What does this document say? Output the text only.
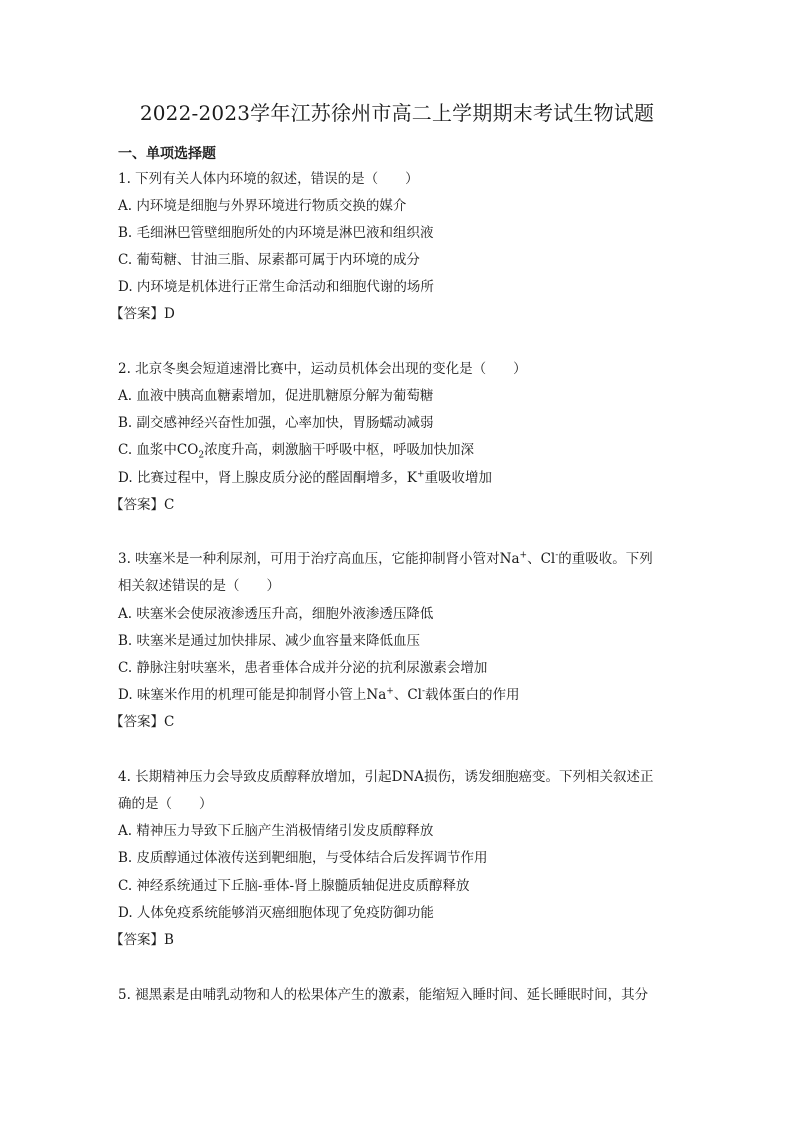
2022-2023学年江苏徐州市高二上学期期末考试生物试题
一、单项选择题
1. 下列有关人体内环境的叙述，错误的是（　　）
A. 内环境是细胞与外界环境进行物质交换的媒介
B. 毛细淋巴管壁细胞所处的内环境是淋巴液和组织液
C. 葡萄糖、甘油三脂、尿素都可属于内环境的成分
D. 内环境是机体进行正常生命活动和细胞代谢的场所
【答案】D
2. 北京冬奥会短道速滑比赛中，运动员机体会出现的变化是（　　）
A. 血液中胰高血糖素增加，促进肌糖原分解为葡萄糖
B. 副交感神经兴奋性加强，心率加快，胃肠蠕动减弱
C. 血浆中$CO_2$浓度升高，刺激脑干呼吸中枢，呼吸加快加深
D. 比赛过程中，肾上腺皮质分泌的醛固酮增多，K+重吸收增加
【答案】C
3. 呋塞米是一种利尿剂，可用于治疗高血压，它能抑制肾小管对Na+、Cl-的重吸收。下列
相关叙述错误的是（　　）
A. 呋塞米会使尿液渗透压升高，细胞外液渗透压降低
B. 呋塞米是通过加快排尿、减少血容量来降低血压
C. 静脉注射呋塞米，患者垂体合成并分泌的抗利尿激素会增加
D. 味塞米作用的机理可能是抑制肾小管上Na+、Cl-载体蛋白的作用
【答案】C
4. 长期精神压力会导致皮质醇释放增加，引起DNA损伤，诱发细胞癌变。下列相关叙述正
确的是（　　）
A. 精神压力导致下丘脑产生消极情绪引发皮质醇释放
B. 皮质醇通过体液传送到靶细胞，与受体结合后发挥调节作用
C. 神经系统通过下丘脑-垂体-肾上腺髓质轴促进皮质醇释放
D. 人体免疫系统能够消灭癌细胞体现了免疫防御功能
【答案】B
5. 褪黑素是由哺乳动物和人的松果体产生的激素，能缩短入睡时间、延长睡眠时间，其分
